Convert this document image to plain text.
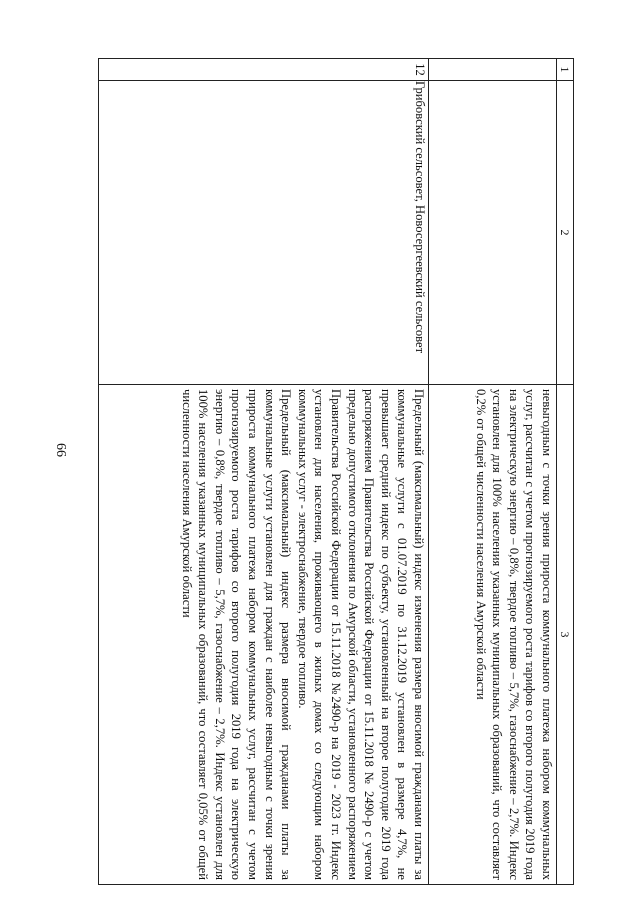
66
1	2	3

		невыгодным с точки зрения прироста коммунального платежа набором коммунальных услуг, рассчитан с учетом прогнозируемого роста тарифов со второго полугодия 2019 года на электрическую энергию – 0,8%, твердое топливо – 5,7%, газоснабжение – 2,7%. Индекс установлен для 100% населения указанных муниципальных образований, что составляет 0,2% от общей численности населения Амурской области

12	Грибовский сельсовет, Новосергеевский сельсовет	Предельный (максимальный) индекс изменения размера вносимой гражданами платы за коммунальные услуги с 01.07.2019 по 31.12.2019 установлен в размере 4,7%, не превышает средний индекс по субъекту, установленный на второе полугодие 2019 года распоряжением Правительства Российской Федерации от 15.11.2018 № 2490-р с учетом предельно допустимого отклонения по Амурской области, установленного распоряжением Правительства Российской Федерации от 15.11.2018 №2490-р на 2019 - 2023 гг. Индекс установлен для населения, проживающего в жилых домах со следующим набором коммунальных услуг - электроснабжение, твердое топливо.

Предельный (максимальный) индекс размера вносимой гражданами платы за коммунальные услуги установлен для граждан с наиболее невыгодным с точки зрения прироста коммунального платежа набором коммунальных услуг, рассчитан с учетом прогнозируемого роста тарифов со второго полугодия 2019 года на электрическую энергию – 0,8%, твердое топливо – 5,7%, газоснабжение – 2,7%. Индекс установлен для 100% населения указанных муниципальных образований, что составляет 0,05% от общей численности населения Амурской области
